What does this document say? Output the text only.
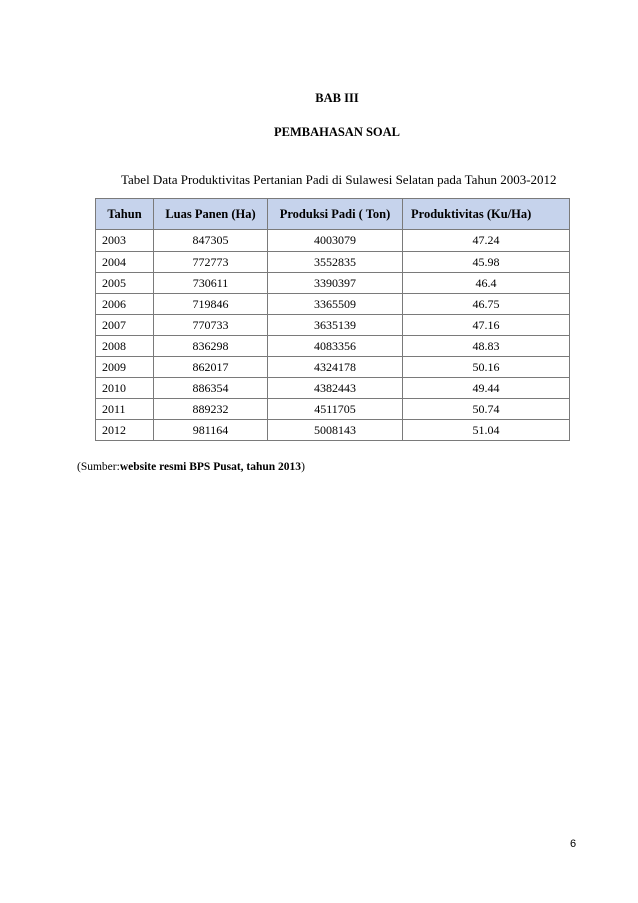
BAB III
PEMBAHASAN SOAL
Tabel Data Produktivitas Pertanian Padi di Sulawesi Selatan pada Tahun 2003-2012
Tahun	Luas Panen (Ha)	Produksi Padi ( Ton)	Produktivitas (Ku/Ha)
2003	847305	4003079	47.24
2004	772773	3552835	45.98
2005	730611	3390397	46.4
2006	719846	3365509	46.75
2007	770733	3635139	47.16
2008	836298	4083356	48.83
2009	862017	4324178	50.16
2010	886354	4382443	49.44
2011	889232	4511705	50.74
2012	981164	5008143	51.04
(Sumber:website resmi BPS Pusat, tahun 2013)
6
